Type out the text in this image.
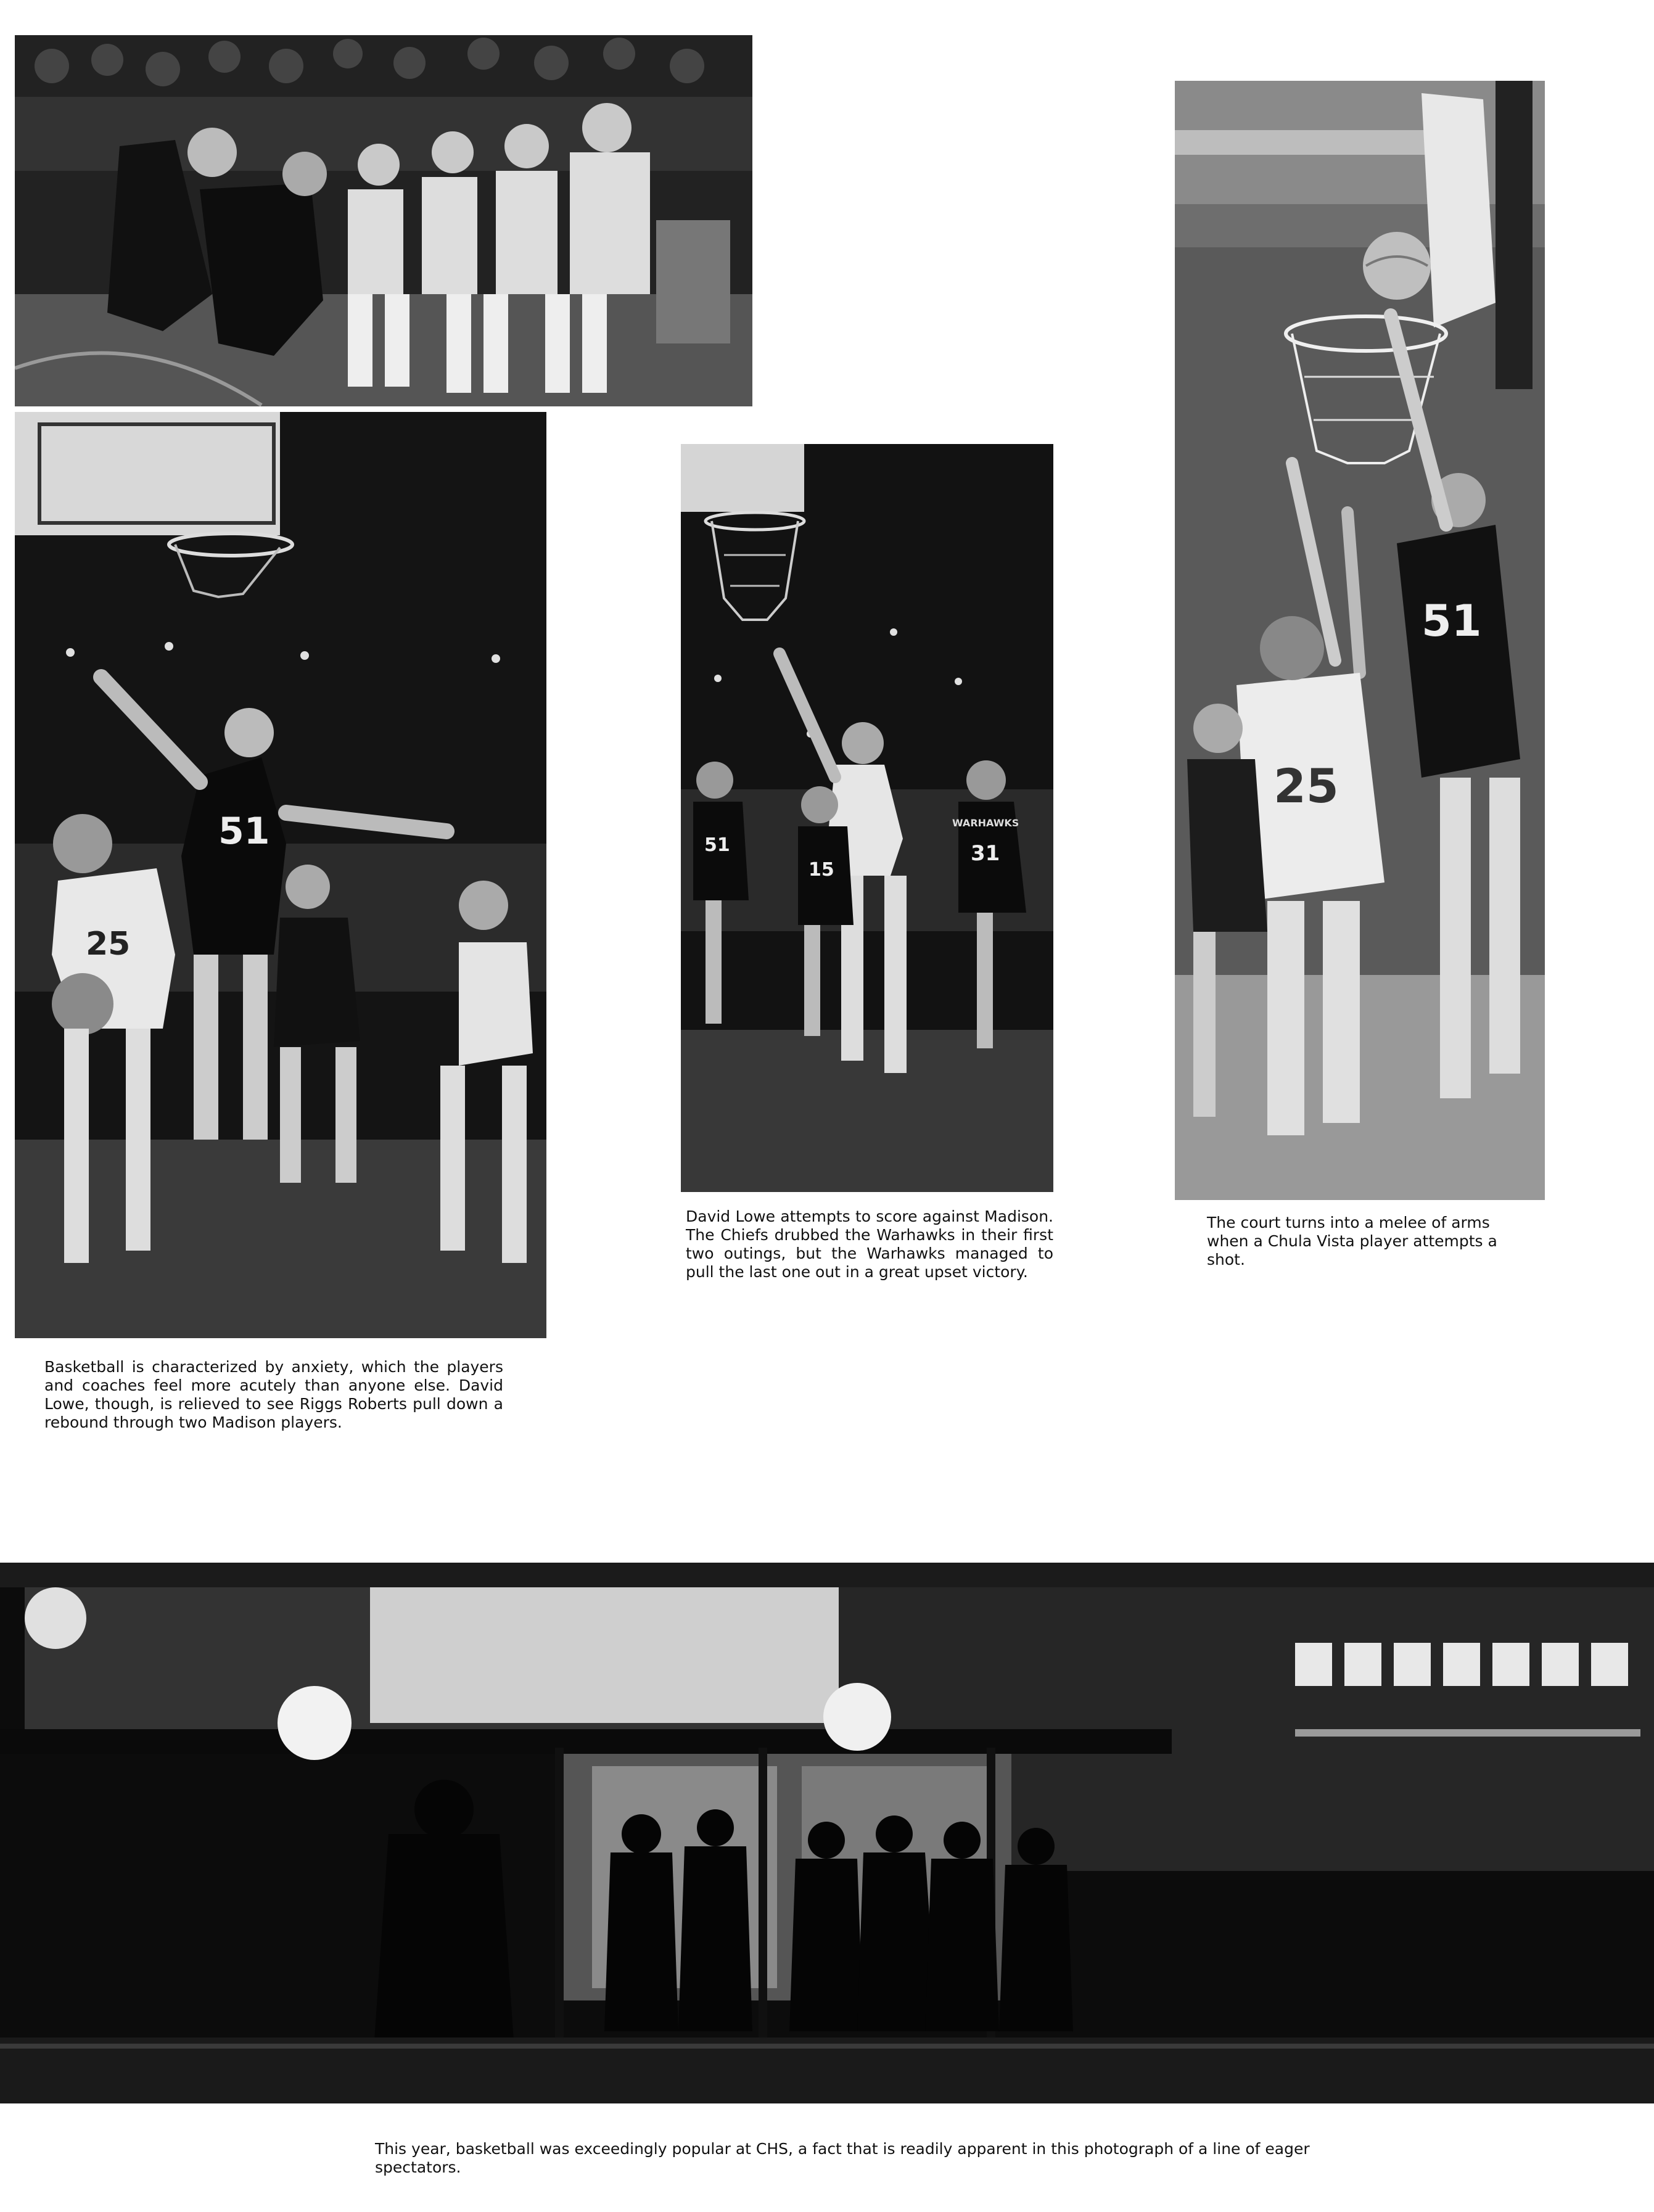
51
25

Basketball is characterized by anxiety, which the players and coaches feel more acutely than anyone else. David Lowe, though, is relieved to see Riggs Roberts pull down a rebound through two Madison players.

51
15
31
WARHAWKS

David Lowe attempts to score against Madison. The Chiefs drubbed the Warhawks in their first two outings, but the Warhawks managed to pull the last one out in a great upset victory.

51
25

The court turns into a melee of arms when a Chula Vista player attempts a shot.

This year, basketball was exceedingly popular at CHS, a fact that is readily apparent in this photograph of a line of eager spectators.
